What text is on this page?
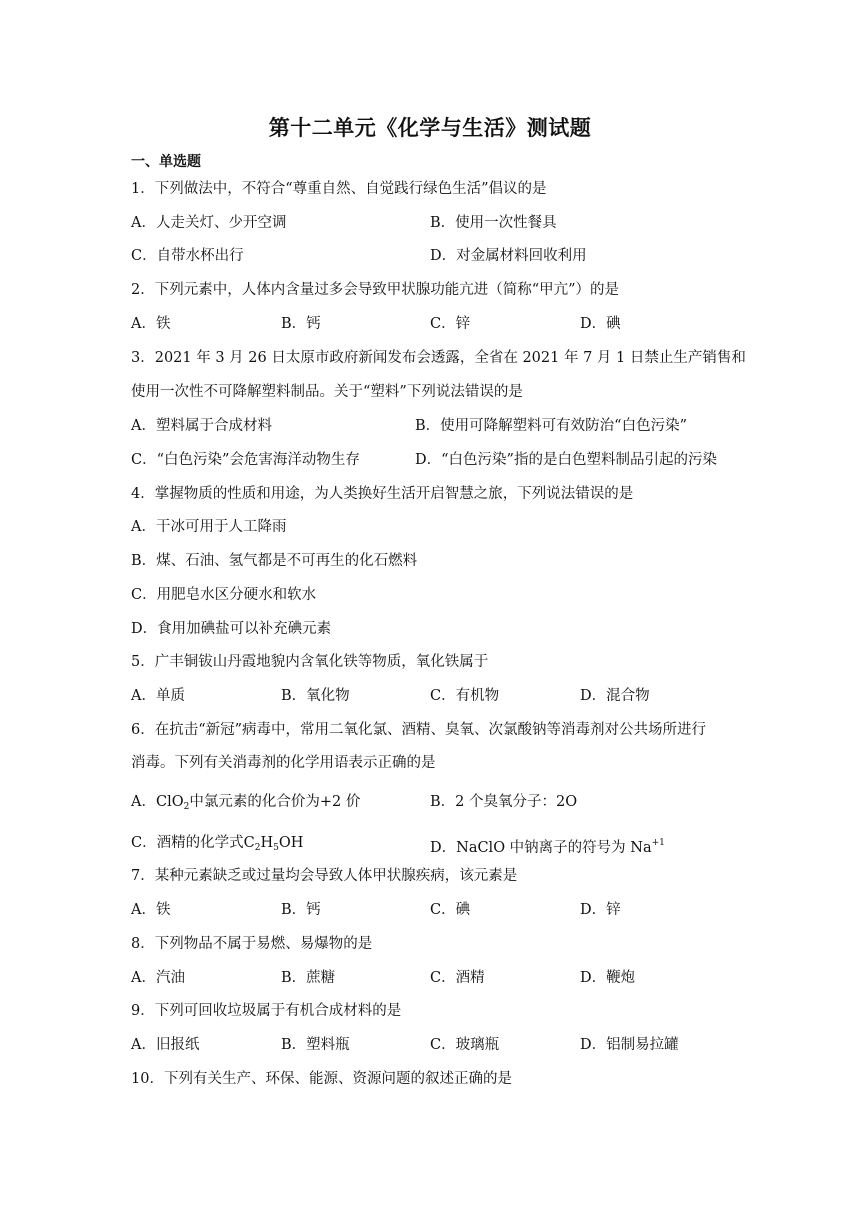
第十二单元《化学与生活》测试题
一、单选题
1．下列做法中，不符合“尊重自然、自觉践行绿色生活”倡议的是
A．人走关灯、少开空调	B．使用一次性餐具
C．自带水杯出行	D．对金属材料回收利用
2．下列元素中，人体内含量过多会导致甲状腺功能亢进（简称“甲亢”）的是
A．铁	B．钙	C．锌	D．碘
3．2021 年 3 月 26 日太原市政府新闻发布会透露，全省在 2021 年 7 月 1 日禁止生产销售和
使用一次性不可降解塑料制品。关于“塑料”下列说法错误的是
A．塑料属于合成材料	B．使用可降解塑料可有效防治“白色污染”
C．“白色污染”会危害海洋动物生存	D．“白色污染”指的是白色塑料制品引起的污染
4．掌握物质的性质和用途，为人类换好生活开启智慧之旅，下列说法错误的是
A．干冰可用于人工降雨
B．煤、石油、氢气都是不可再生的化石燃料
C．用肥皂水区分硬水和软水
D．食用加碘盐可以补充碘元素
5．广丰铜钹山丹霞地貌内含氧化铁等物质，氧化铁属于
A．单质	B．氧化物	C．有机物	D．混合物
6．在抗击“新冠”病毒中，常用二氧化氯、酒精、臭氧、次氯酸钠等消毒剂对公共场所进行
消毒。下列有关消毒剂的化学用语表示正确的是
A．ClO$_2$中氯元素的化合价为+2 价	B．2 个臭氧分子：2O
C．酒精的化学式$C_2H_5OH$	D．NaClO 中钠离子的符号为 $Na^{+1}$
7．某种元素缺乏或过量均会导致人体甲状腺疾病，该元素是
A．铁	B．钙	C．碘	D．锌
8．下列物品不属于易燃、易爆物的是
A．汽油	B．蔗糖	C．酒精	D．鞭炮
9．下列可回收垃圾属于有机合成材料的是
A．旧报纸	B．塑料瓶	C．玻璃瓶	D．铝制易拉罐
10．下列有关生产、环保、能源、资源问题的叙述正确的是
